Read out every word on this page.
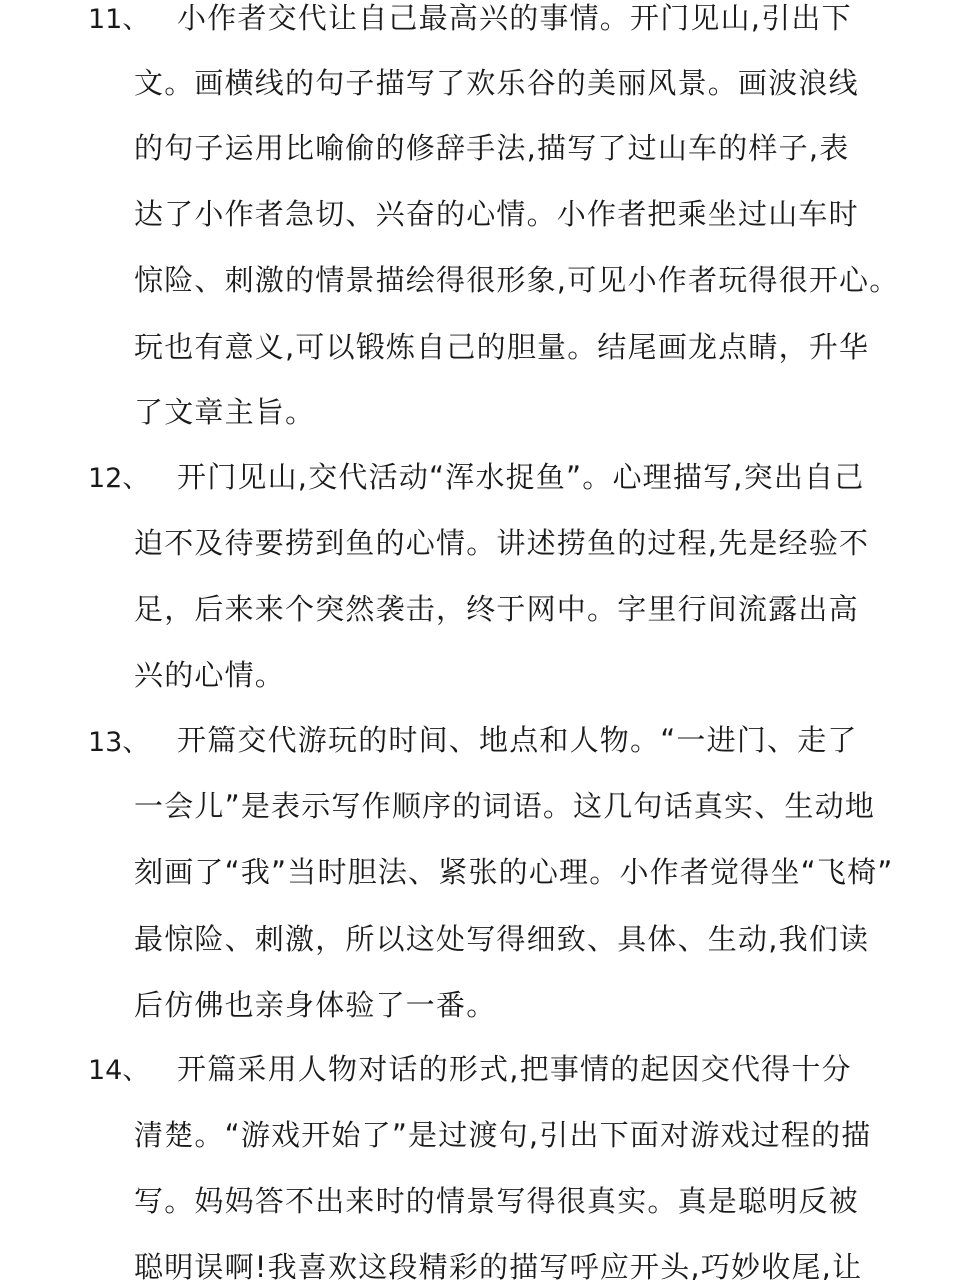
11、 小作者交代让自己最高兴的事情。开门见山,引出下
文。画横线的句子描写了欢乐谷的美丽风景。画波浪线
的句子运用比喻偷的修辞手法,描写了过山车的样子,表
达了小作者急切、兴奋的心情。小作者把乘坐过山车时
惊险、刺激的情景描绘得很形象,可见小作者玩得很开心。
玩也有意义,可以锻炼自己的胆量。结尾画龙点睛，升华
了文章主旨。
12、 开门见山,交代活动“浑水捉鱼”。心理描写,突出自己
迫不及待要捞到鱼的心情。讲述捞鱼的过程,先是经验不
足，后来来个突然袭击，终于网中。字里行间流露出高
兴的心情。
13、 开篇交代游玩的时间、地点和人物。“一进门、走了
一会儿”是表示写作顺序的词语。这几句话真实、生动地
刻画了“我”当时胆法、紧张的心理。小作者觉得坐“飞椅”
最惊险、刺激，所以这处写得细致、具体、生动,我们读
后仿佛也亲身体验了一番。
14、 开篇采用人物对话的形式,把事情的起因交代得十分
清楚。“游戏开始了”是过渡句,引出下面对游戏过程的描
写。妈妈答不出来时的情景写得很真实。真是聪明反被
聪明误啊!我喜欢这段精彩的描写呼应开头,巧妙收尾,让
